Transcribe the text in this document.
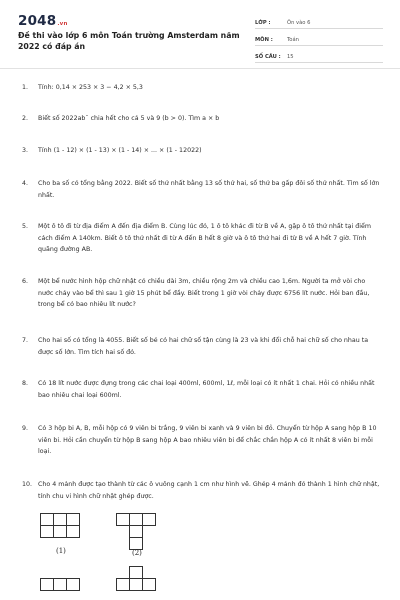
2048.vn
Đề thi vào lớp 6 môn Toán trường Amsterdam năm 2022 có đáp án
LỚP :	Ôn vào 6
MÔN :	Toán
SỐ CÂU :	15
1.	Tính: 0,14 × 253 × 3 − 4,2 × 5,3
2.	Biết số 2022ab¯ chia hết cho cả 5 và 9 (b > 0). Tìm a × b
3.	Tính (1 - 12) × (1 - 13) × (1 - 14) × ... × (1 - 12022)
4.	Cho ba số có tổng bằng 2022. Biết số thứ nhất bằng 13 số thứ hai, số thứ ba gấp đôi số thứ nhất. Tìm số lớn nhất.
5.	Một ô tô đi từ địa điểm A đến địa điểm B. Cùng lúc đó, 1 ô tô khác đi từ B về A, gặp ô tô thứ nhất tại điểm cách điểm A 140km. Biết ô tô thứ nhất đi từ A đến B hết 8 giờ và ô tô thứ hai đi từ B về A hết 7 giờ. Tính quãng đường AB.
6.	Một bể nước hình hộp chữ nhật có chiều dài 3m, chiều rộng 2m và chiều cao 1,6m. Người ta mở vòi cho nước chảy vào bể thì sau 1 giờ 15 phút bể đầy. Biết trong 1 giờ vòi chảy được 6756 lít nước. Hỏi ban đầu, trong bể có bao nhiêu lít nước?
7.	Cho hai số có tổng là 4055. Biết số bé có hai chữ số tận cùng là 23 và khi đổi chỗ hai chữ số cho nhau ta được số lớn. Tìm tích hai số đó.
8.	Có 18 lít nước được đựng trong các chai loại 400ml, 600ml, 1ℓ, mỗi loại có ít nhất 1 chai. Hỏi có nhiều nhất bao nhiêu chai loại 600ml.
9.	Có 3 hộp bi A, B, mỗi hộp có 9 viên bi trắng, 9 viên bi xanh và 9 viên bi đỏ. Chuyển từ hộp A sang hộp B 10 viên bi. Hỏi cần chuyển từ hộp B sang hộp A bao nhiêu viên bi để chắc chắn hộp A có ít nhất 8 viên bi mỗi loại.
10. Cho 4 mảnh được tạo thành từ các ô vuông cạnh 1 cm như hình vẽ. Ghép 4 mảnh đó thành 1 hình chữ nhật, tính chu vi hình chữ nhật ghép được.
(1)	(2)
